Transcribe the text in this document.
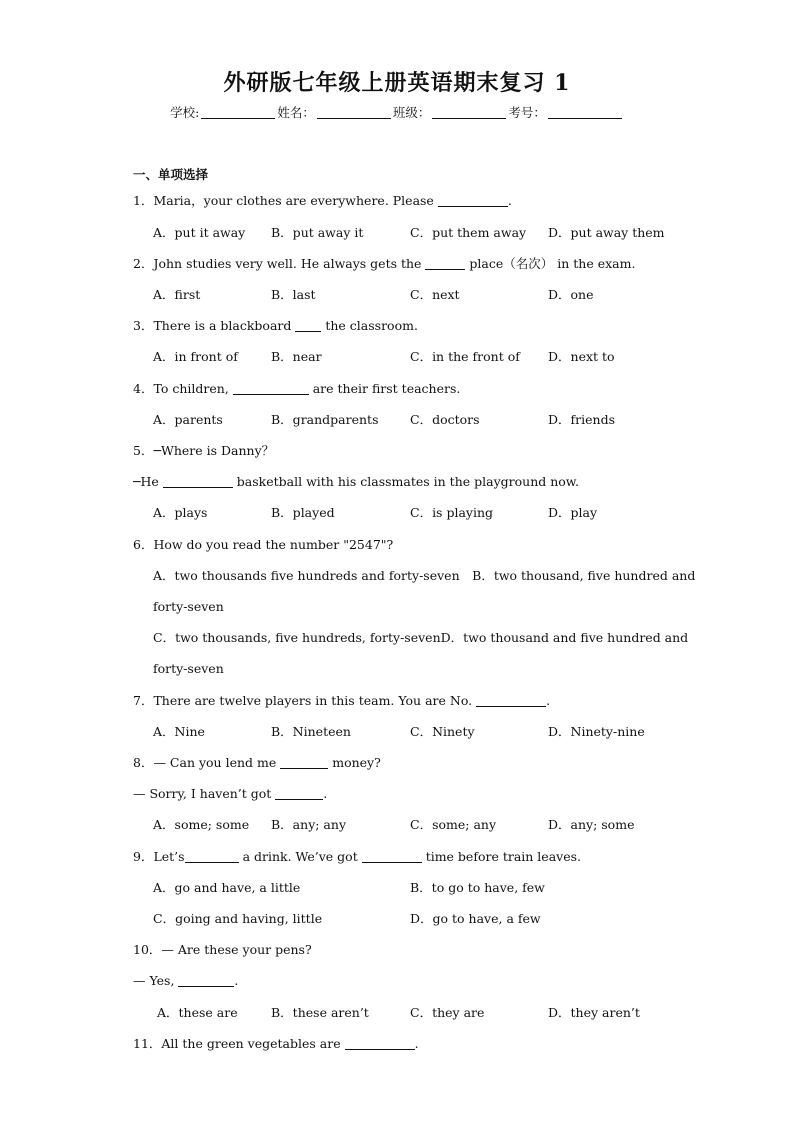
外研版七年级上册英语期末复习 1
学校:	姓名：	班级：	考号：
一、单项选择
1．Maria，your clothes are everywhere. Please	.
A．put it away B．put away it	C．put them away D．put away them
2．John studies very well. He always gets the	place（名次） in the exam.
A．first	B．last	C．next	D．one
3．There is a blackboard	the classroom.
A．in front of	B．near	C．in the front of D．next to
4．To children,	are their first teachers.
A．parents	B．grandparents	C．doctors	D．friends
5．─Where is Danny？
─He	basketball with his classmates in the playground now.
A．plays	B．played	C．is playing	D．play
6．How do you read the number "2547"?
A．two thousands five hundreds and forty-seven　B．two thousand, five hundred and
forty-seven
C．two thousands, five hundreds, forty-sevenD．two thousand and five hundred and
forty-seven
7．There are twelve players in this team. You are No.	.
A．Nine	B．Nineteen	C．Ninety	D．Ninety-nine
8．— Can you lend me	money?
— Sorry, I haven’t got	.
A．some; some B．any; any	C．some; any	D．any; some
9．Let’s	a drink. We’ve got	time before train leaves.
A．go and have, a little	B．to go to have, few
C．going and having, little	D．go to have, a few
10．— Are these your pens?
— Yes,	.
A．these are	B．these aren’t	C．they are	D．they aren’t
11．All the green vegetables are	.
